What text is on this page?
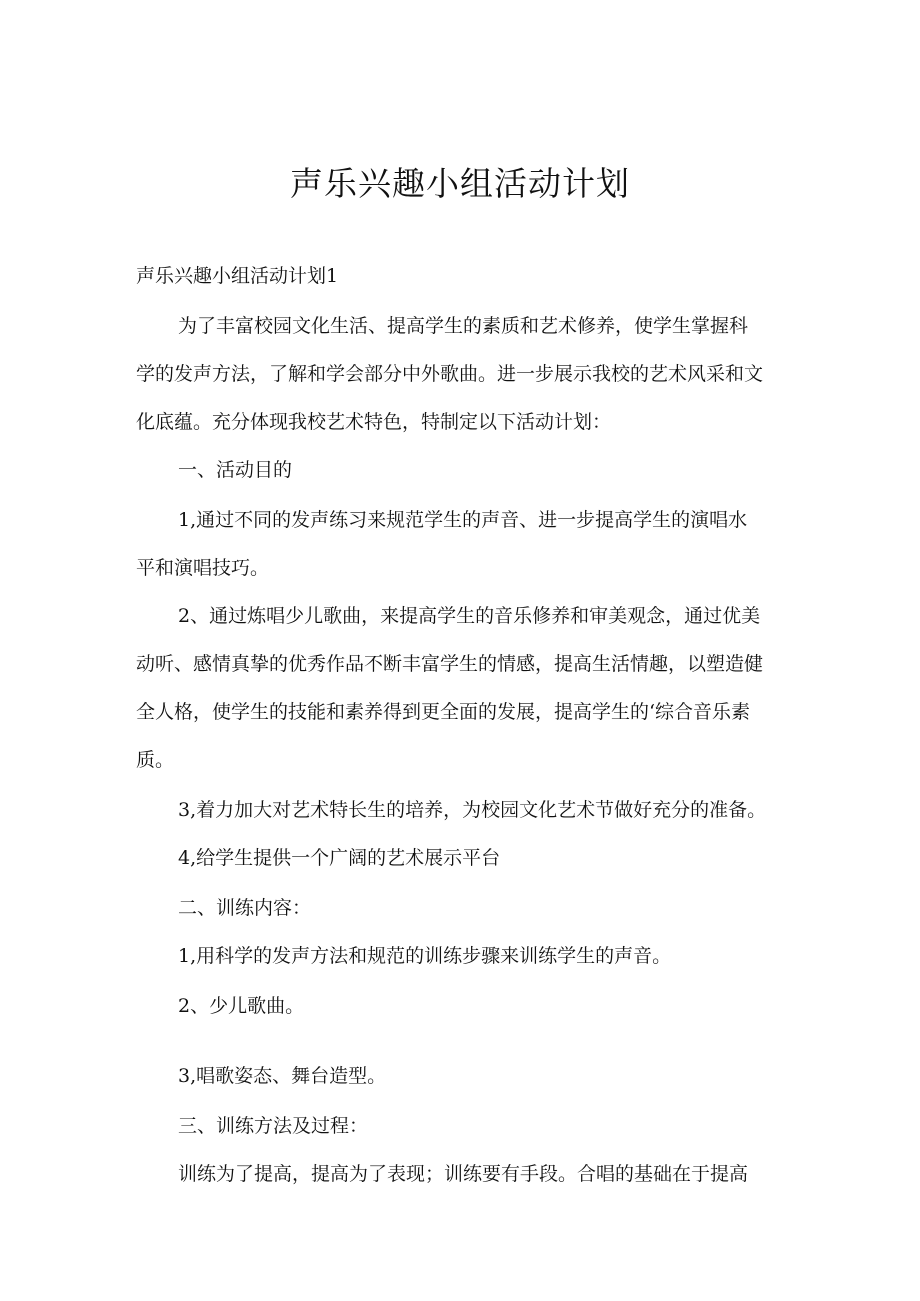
声乐兴趣小组活动计划
声乐兴趣小组活动计划1
为了丰富校园文化生活、提高学生的素质和艺术修养，使学生掌握科
学的发声方法，了解和学会部分中外歌曲。进一步展示我校的艺术风采和文
化底蕴。充分体现我校艺术特色，特制定以下活动计划：
一、活动目的
1,通过不同的发声练习来规范学生的声音、进一步提高学生的演唱水
平和演唱技巧。
2、通过炼唱少儿歌曲，来提高学生的音乐修养和审美观念，通过优美
动听、感情真挚的优秀作品不断丰富学生的情感，提高生活情趣，以塑造健
全人格，使学生的技能和素养得到更全面的发展，提高学生的‘综合音乐素
质。
3,着力加大对艺术特长生的培养，为校园文化艺术节做好充分的准备。
4,给学生提供一个广阔的艺术展示平台
二、训练内容：
1,用科学的发声方法和规范的训练步骤来训练学生的声音。
2、少儿歌曲。
3,唱歌姿态、舞台造型。
三、训练方法及过程：
训练为了提高，提高为了表现；训练要有手段。合唱的基础在于提高
